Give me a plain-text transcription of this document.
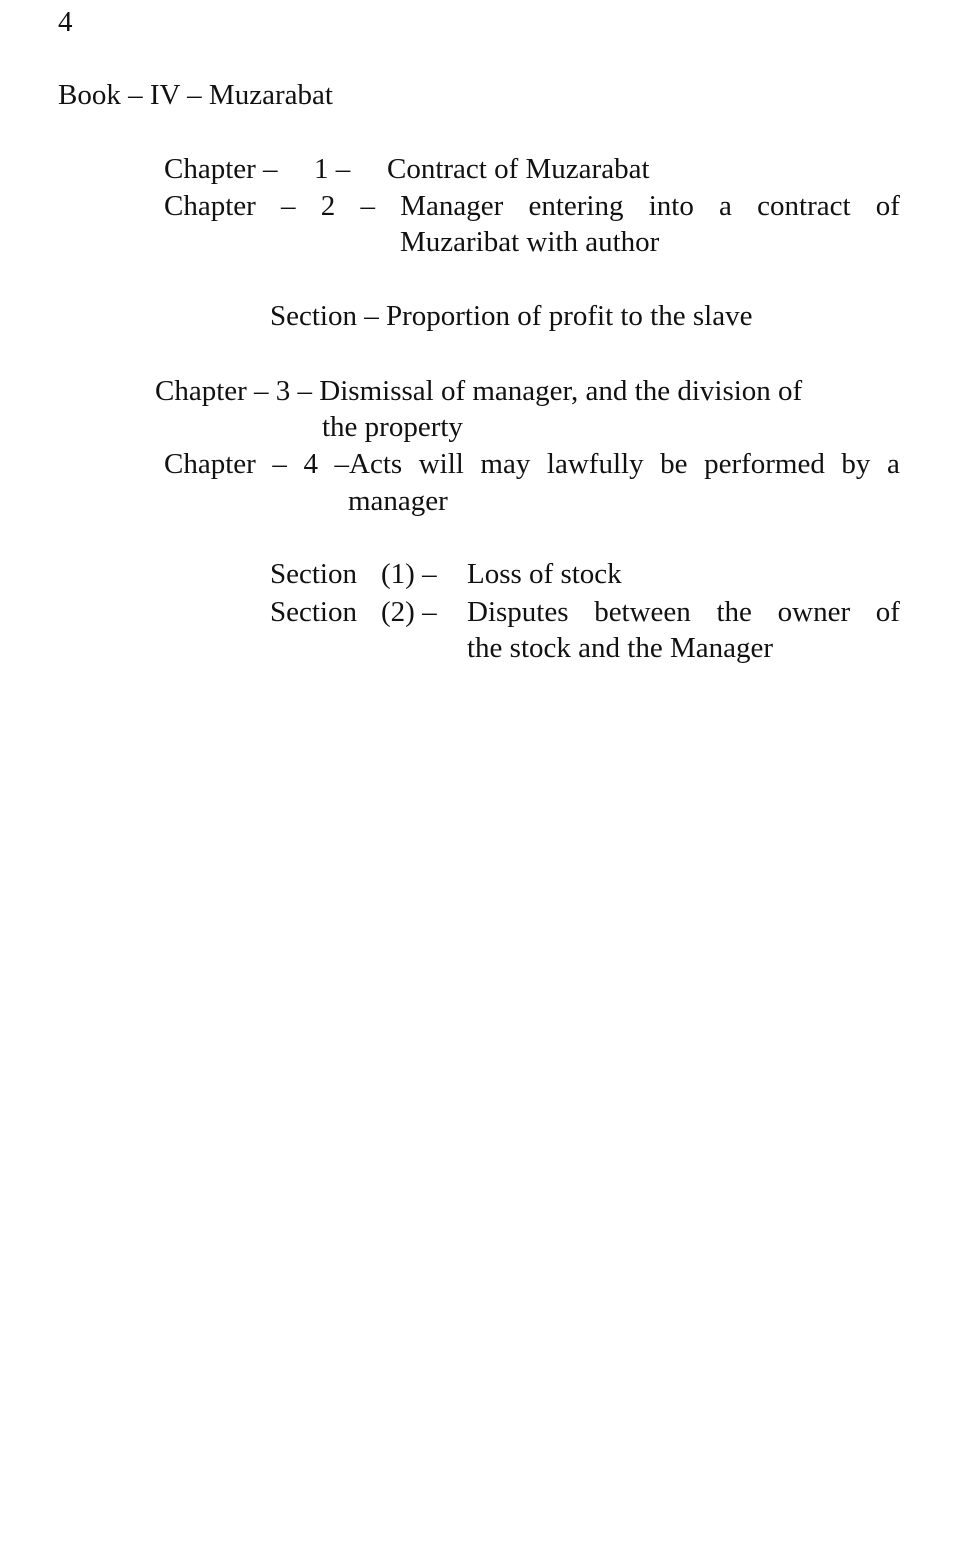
4
Book – IV – Muzarabat
Chapter – 1 – Contract of Muzarabat
Chapter – 2 – Manager entering into a contract of
Muzaribat with author
Section – Proportion of profit to the slave
Chapter – 3 – Dismissal of manager, and the division of
the property
Chapter – 4 –Acts will may lawfully be performed by a
manager
Section (1) – Loss of stock
Section (2) – Disputes between the owner of
the stock and the Manager
